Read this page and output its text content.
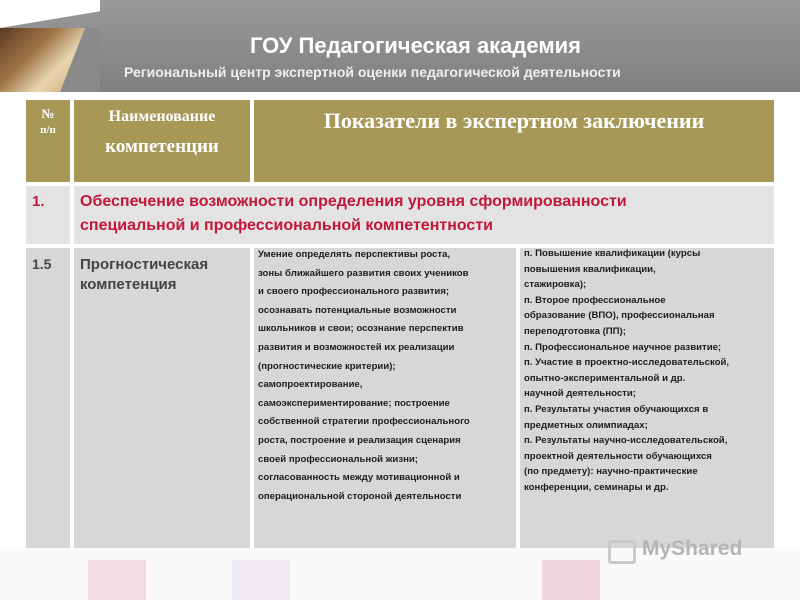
ГОУ Педагогическая академия
Региональный центр экспертной оценки педагогической деятельности
№
п/п
Наименование
компетенции
Показатели в экспертном заключении
1.	Обеспечение возможности определения уровня сформированности
специальной и профессиональной компетентности
1.5	Прогностическая
компетенция
Умение определять перспективы роста,
зоны ближайшего развития своих учеников
и своего профессионального развития;
осознавать потенциальные возможности
школьников и свои; осознание перспектив
развития и возможностей их реализации
(прогностические критерии);
самопроектирование,
самоэкспериментирование; построение
собственной стратегии профессионального
роста, построение и реализация сценария
своей профессиональной жизни;
согласованность между мотивационной и
операциональной стороной деятельности
п. Повышение квалификации (курсы
повышения квалификации,
стажировка);
п. Второе профессиональное
образование (ВПО), профессиональная
переподготовка (ПП);
п. Профессиональное научное развитие;
п. Участие в проектно-исследовательской,
опытно-экспериментальной и др.
научной деятельности;
п. Результаты участия обучающихся в
предметных олимпиадах;
п. Результаты научно-исследовательской,
проектной деятельности обучающихся
(по предмету): научно-практические
конференции, семинары и др.
MyShared
